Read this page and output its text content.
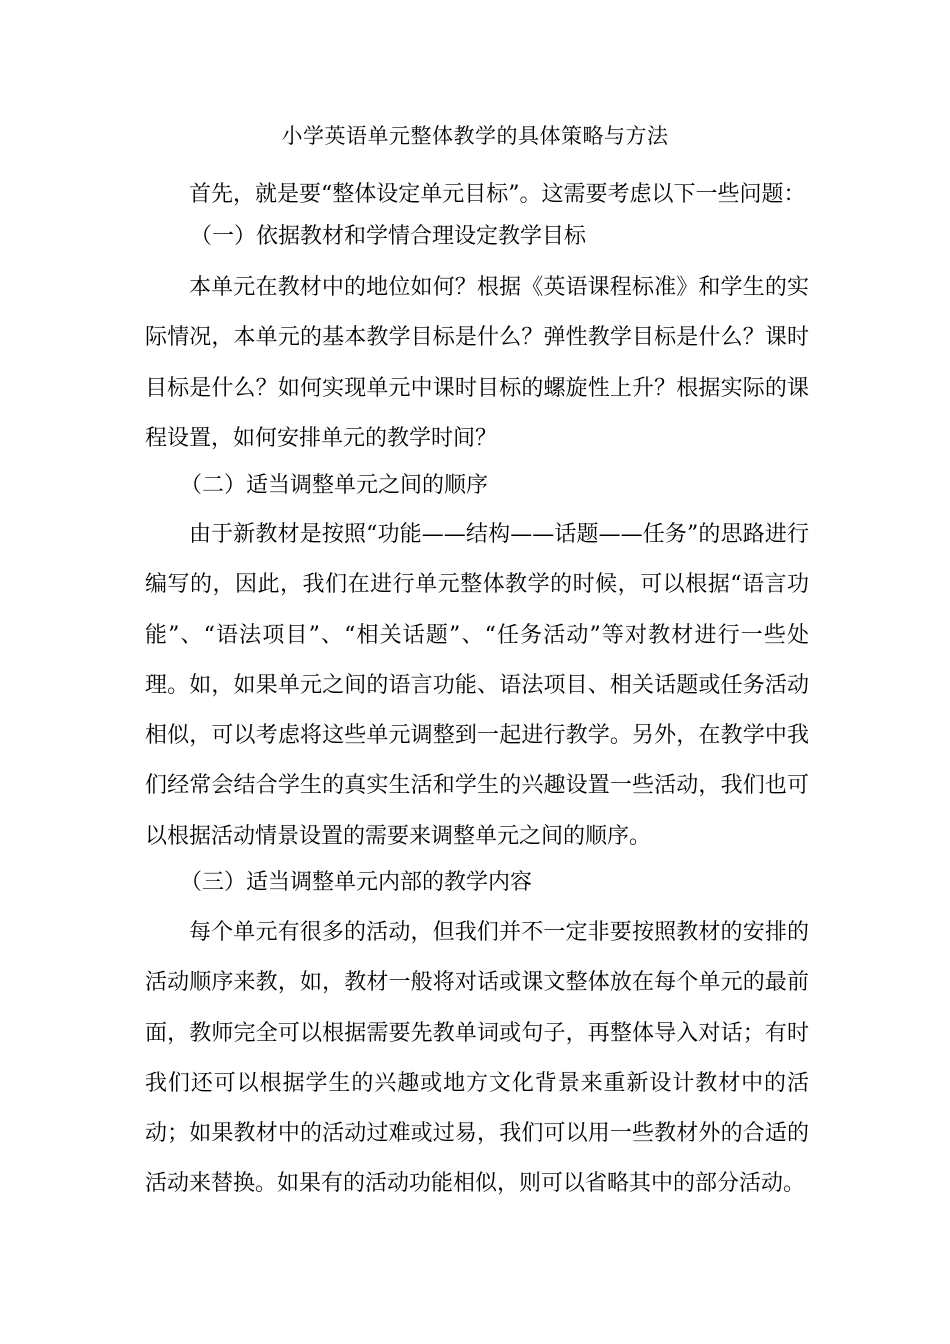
小学英语单元整体教学的具体策略与方法

首先，就是要“整体设定单元目标”。这需要考虑以下一些问题：

（一）依据教材和学情合理设定教学目标

本单元在教材中的地位如何？根据《英语课程标准》和学生的实际情况，本单元的基本教学目标是什么？弹性教学目标是什么？课时目标是什么？如何实现单元中课时目标的螺旋性上升？根据实际的课程设置，如何安排单元的教学时间？

（二）适当调整单元之间的顺序

由于新教材是按照“功能——结构——话题——任务”的思路进行编写的，因此，我们在进行单元整体教学的时候，可以根据“语言功能”、“语法项目”、“相关话题”、“任务活动”等对教材进行一些处理。如，如果单元之间的语言功能、语法项目、相关话题或任务活动相似，可以考虑将这些单元调整到一起进行教学。另外，在教学中我们经常会结合学生的真实生活和学生的兴趣设置一些活动，我们也可以根据活动情景设置的需要来调整单元之间的顺序。

（三）适当调整单元内部的教学内容

每个单元有很多的活动，但我们并不一定非要按照教材的安排的活动顺序来教，如，教材一般将对话或课文整体放在每个单元的最前面，教师完全可以根据需要先教单词或句子，再整体导入对话；有时我们还可以根据学生的兴趣或地方文化背景来重新设计教材中的活动；如果教材中的活动过难或过易，我们可以用一些教材外的合适的活动来替换。如果有的活动功能相似，则可以省略其中的部分活动。
